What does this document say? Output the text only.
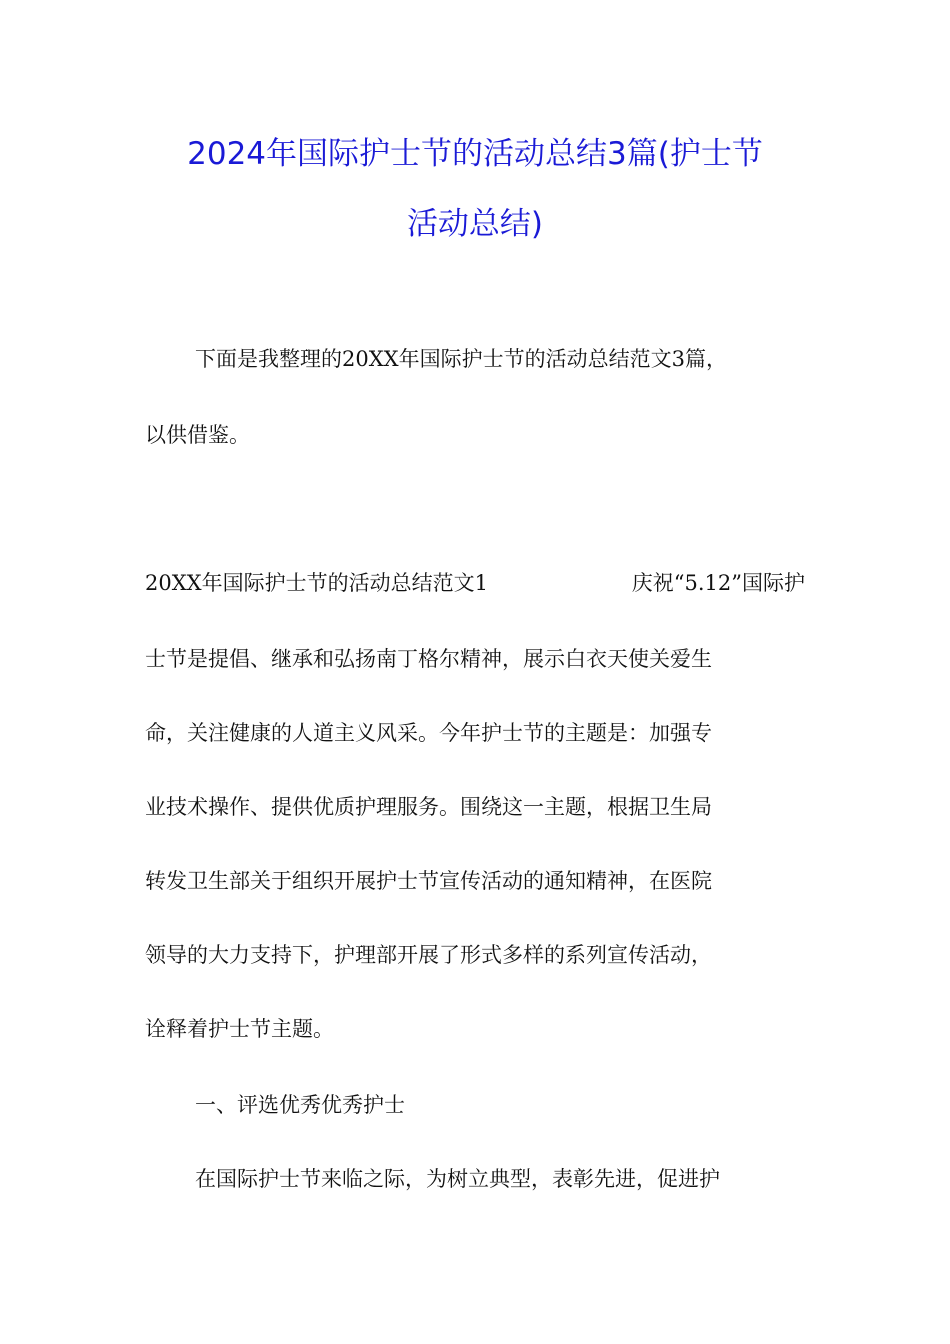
2024年国际护士节的活动总结3篇(护士节
活动总结)
下面是我整理的20XX年国际护士节的活动总结范文3篇，
以供借鉴。
20XX年国际护士节的活动总结范文1	庆祝“5.12”国际护
士节是提倡、继承和弘扬南丁格尔精神，展示白衣天使关爱生
命，关注健康的人道主义风采。今年护士节的主题是：加强专
业技术操作、提供优质护理服务。围绕这一主题，根据卫生局
转发卫生部关于组织开展护士节宣传活动的通知精神，在医院
领导的大力支持下，护理部开展了形式多样的系列宣传活动，
诠释着护士节主题。
一、评选优秀优秀护士
在国际护士节来临之际，为树立典型，表彰先进，促进护
